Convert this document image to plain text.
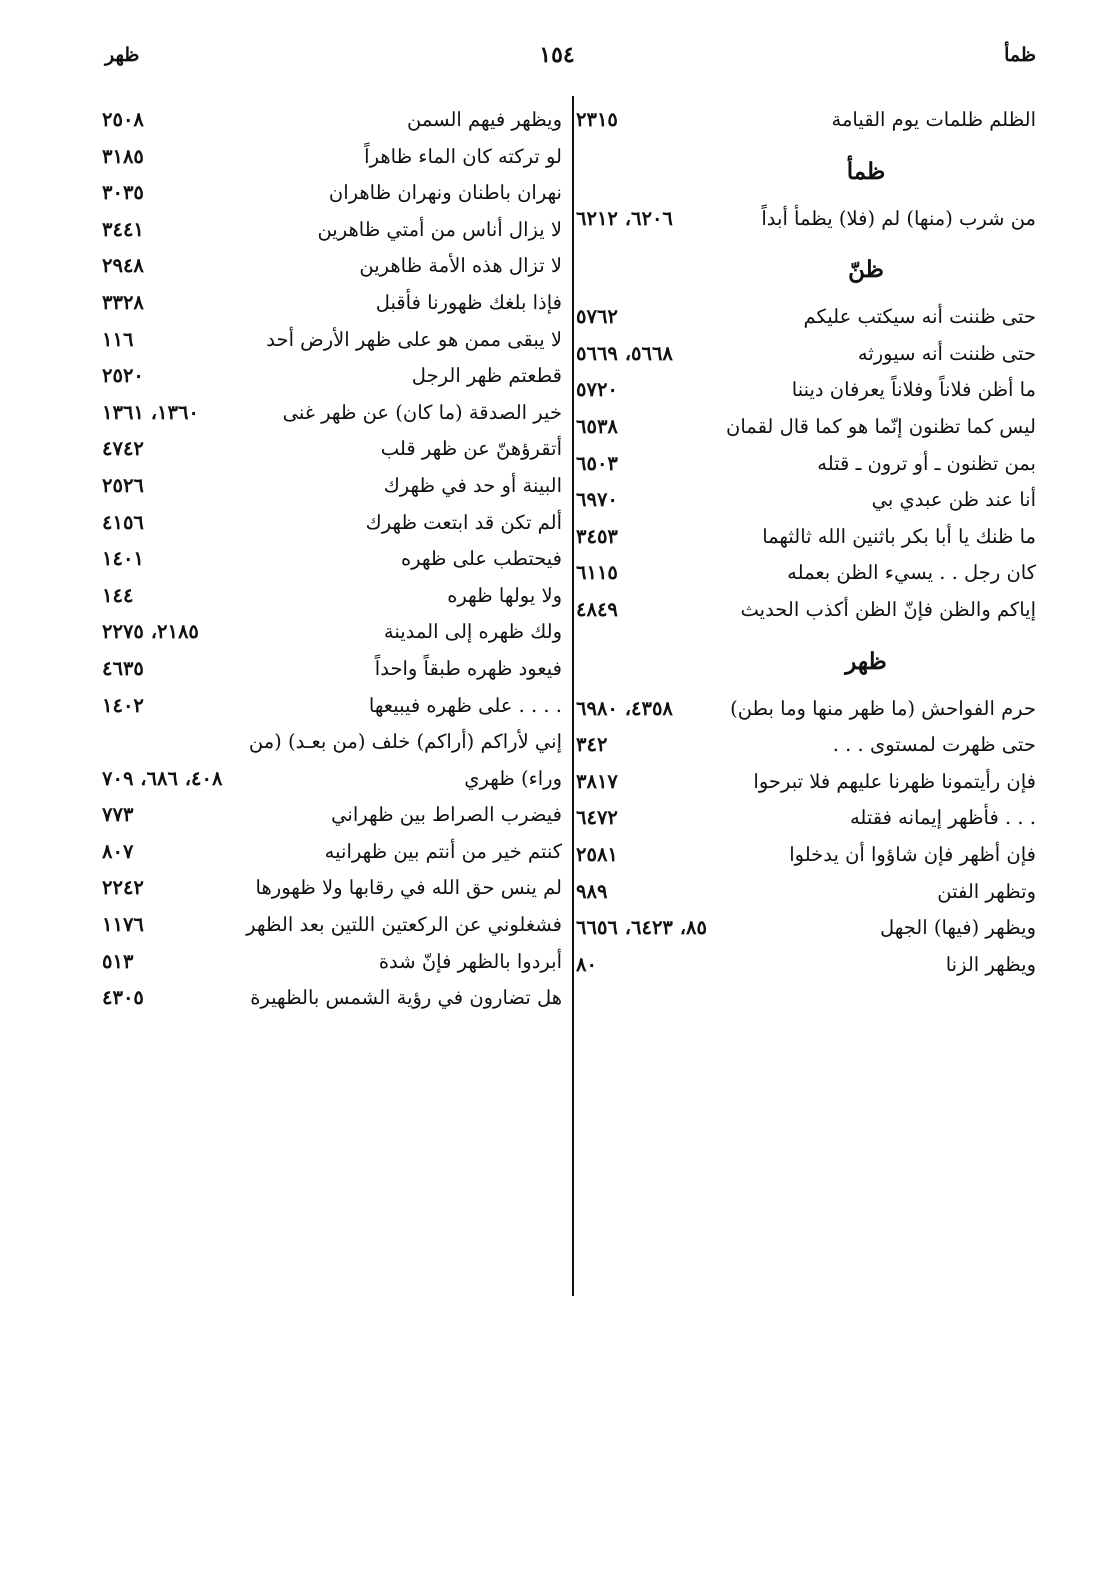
ظمأ
١٥٤
ظهر
الظلم ظلمات يوم القيامة
٢٣١٥
ظمأ
من شرب (منها) لم (فلا) يظمأ أبداً
٦٢٠٦، ٦٢١٢
ظنّ
حتى ظننت أنه سيكتب عليكم
٥٧٦٢
حتى ظننت أنه سيورثه
٥٦٦٨، ٥٦٦٩
ما أظن فلاناً وفلاناً يعرفان ديننا
٥٧٢٠
ليس كما تظنون إنّما هو كما قال لقمان
٦٥٣٨
بمن تظنون ـ أو ترون ـ قتله
٦٥٠٣
أنا عند ظن عبدي بي
٦٩٧٠
ما ظنك يا أبا بكر باثنين الله ثالثهما
٣٤٥٣
كان رجل . . يسيء الظن بعمله
٦١١٥
إياكم والظن فإنّ الظن أكذب الحديث
٤٨٤٩
ظهر
حرم الفواحش (ما ظهر منها وما بطن)
٤٣٥٨، ٦٩٨٠
حتى ظهرت لمستوى . . .
٣٤٢
فإن رأيتمونا ظهرنا عليهم فلا تبرحوا
٣٨١٧
. . . فأظهر إيمانه فقتله
٦٤٧٢
فإن أظهر فإن شاؤوا أن يدخلوا
٢٥٨١
وتظهر الفتن
٩٨٩
ويظهر (فيها) الجهل
٨٥، ٦٤٢٣، ٦٦٥٦
ويظهر الزنا
٨٠
ويظهر فيهم السمن
٢٥٠٨
لو تركته كان الماء ظاهراً
٣١٨٥
نهران باطنان ونهران ظاهران
٣٠٣٥
لا يزال أناس من أمتي ظاهرين
٣٤٤١
لا تزال هذه الأمة ظاهرين
٢٩٤٨
فإذا بلغك ظهورنا فأقبل
٣٣٢٨
لا يبقى ممن هو على ظهر الأرض أحد
١١٦
قطعتم ظهر الرجل
٢٥٢٠
خير الصدقة (ما كان) عن ظهر غنى
١٣٦٠، ١٣٦١
أتقرؤهنّ عن ظهر قلب
٤٧٤٢
البينة أو حد في ظهرك
٢٥٢٦
ألم تكن قد ابتعت ظهرك
٤١٥٦
فيحتطب على ظهره
١٤٠١
ولا يولها ظهره
١٤٤
ولك ظهره إلى المدينة
٢١٨٥، ٢٢٧٥
فيعود ظهره طبقاً واحداً
٤٦٣٥
. . . . على ظهره فيبيعها
١٤٠٢
إني لأراكم (أراكم) خلف (من بعـد) (من
وراء) ظهري
٤٠٨، ٦٨٦، ٧٠٩
فيضرب الصراط بين ظهراني
٧٧٣
كنتم خير من أنتم بين ظهرانيه
٨٠٧
لم ينس حق الله في رقابها ولا ظهورها
٢٢٤٢
فشغلوني عن الركعتين اللتين بعد الظهر
١١٧٦
أبردوا بالظهر فإنّ شدة
٥١٣
هل تضارون في رؤية الشمس بالظهيرة
٤٣٠٥
